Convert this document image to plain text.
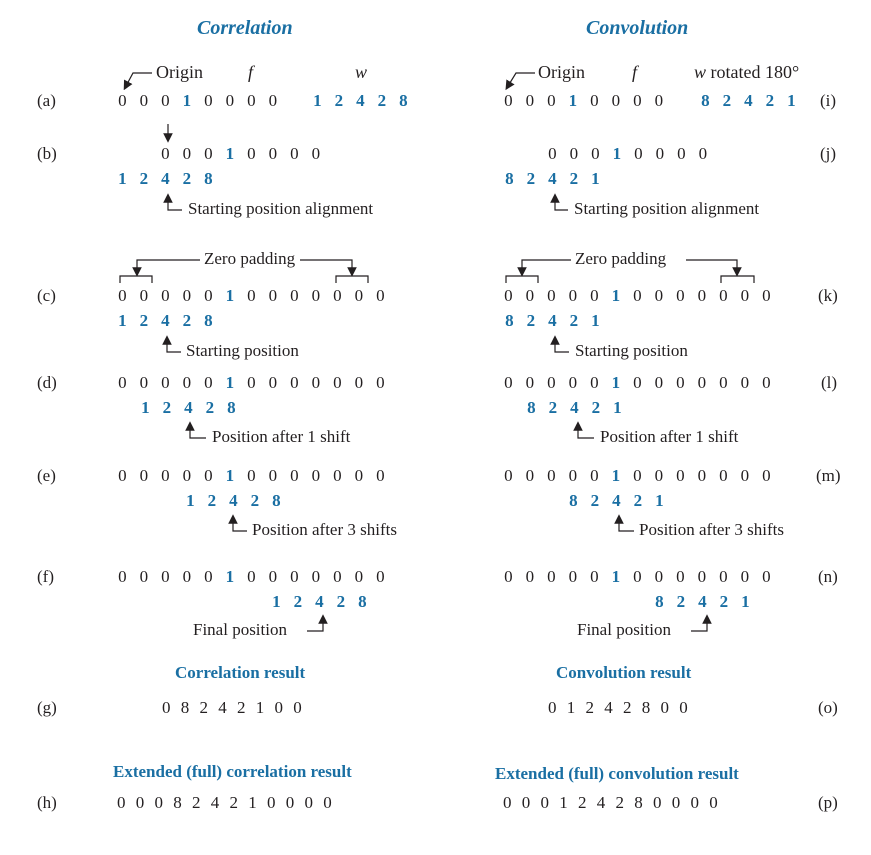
Correlation	Convolution
Origin	f	w	Origin	f	w rotated 180°
(a)
(b)
(c)
(d)
(e)
(f)
(g)
(h)
(i)
(j)
(k)
(l)
(m)
(n)
(o)
(p)
0 0 0 1 0 0 0 0	1 2 4 2 8	0 0 0 1 0 0 0 0	8 2 4 2 1
0 0 0 1 0 0 0 0
1 2 4 2 8
0 0 0 1 0 0 0 0
8 2 4 2 1
0 0 0 0 0 1 0 0 0 0 0 0 0
1 2 4 2 8
0 0 0 0 0 1 0 0 0 0 0 0 0
8 2 4 2 1
0 0 0 0 0 1 0 0 0 0 0 0 0
1 2 4 2 8
0 0 0 0 0 1 0 0 0 0 0 0 0
8 2 4 2 1
0 0 0 0 0 1 0 0 0 0 0 0 0
1 2 4 2 8
0 0 0 0 0 1 0 0 0 0 0 0 0
8 2 4 2 1
0 0 0 0 0 1 0 0 0 0 0 0 0
1 2 4 2 8
0 0 0 0 0 1 0 0 0 0 0 0 0
8 2 4 2 1
Starting position alignment	Starting position alignment
Zero padding	Zero padding
Starting position	Starting position
Position after 1 shift	Position after 1 shift
Position after 3 shifts	Position after 3 shifts
Final position	Final position
Correlation result
0 8 2 4 2 1 0 0
Convolution result
0 1 2 4 2 8 0 0
Extended (full) correlation result
0 0 0 8 2 4 2 1 0 0 0 0
Extended (full) convolution result
0 0 0 1 2 4 2 8 0 0 0 0
